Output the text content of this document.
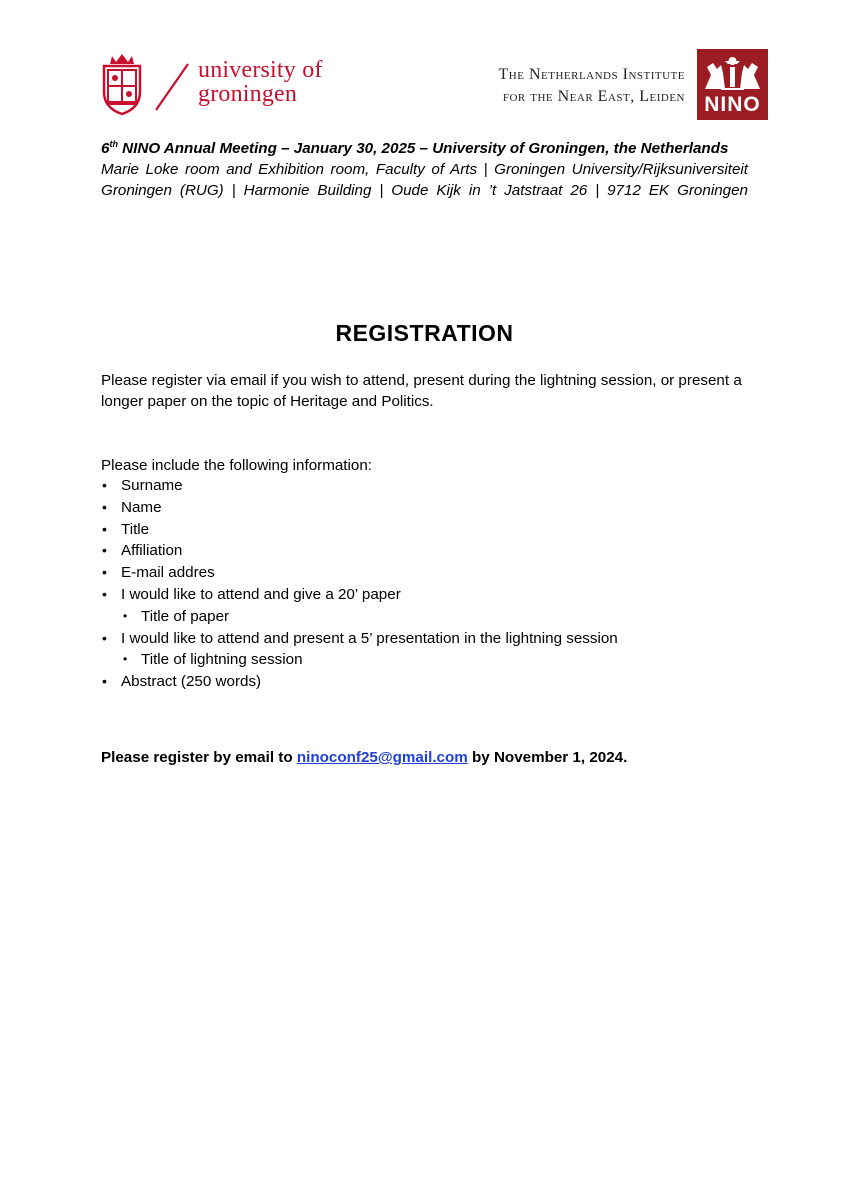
university of
groningen
The Netherlands Institute
for the Near East, Leiden NINO
6th NINO Annual Meeting – January 30, 2025 – University of Groningen, the Netherlands
Marie Loke room and Exhibition room, Faculty of Arts | Groningen University/Rijksuniversiteit
Groningen (RUG) | Harmonie Building | Oude Kijk in ’t Jatstraat 26 | 9712 EK Groningen
REGISTRATION
Please register via email if you wish to attend, present during the lightning session, or present a longer paper on the topic of Heritage and Politics.
Please include the following information:
• Surname
• Name
• Title
• Affiliation
• E-mail addres
• I would like to attend and give a 20’ paper
• Title of paper
• I would like to attend and present a 5’ presentation in the lightning session
• Title of lightning session
• Abstract (250 words)
Please register by email to ninoconf25@gmail.com by November 1, 2024.
